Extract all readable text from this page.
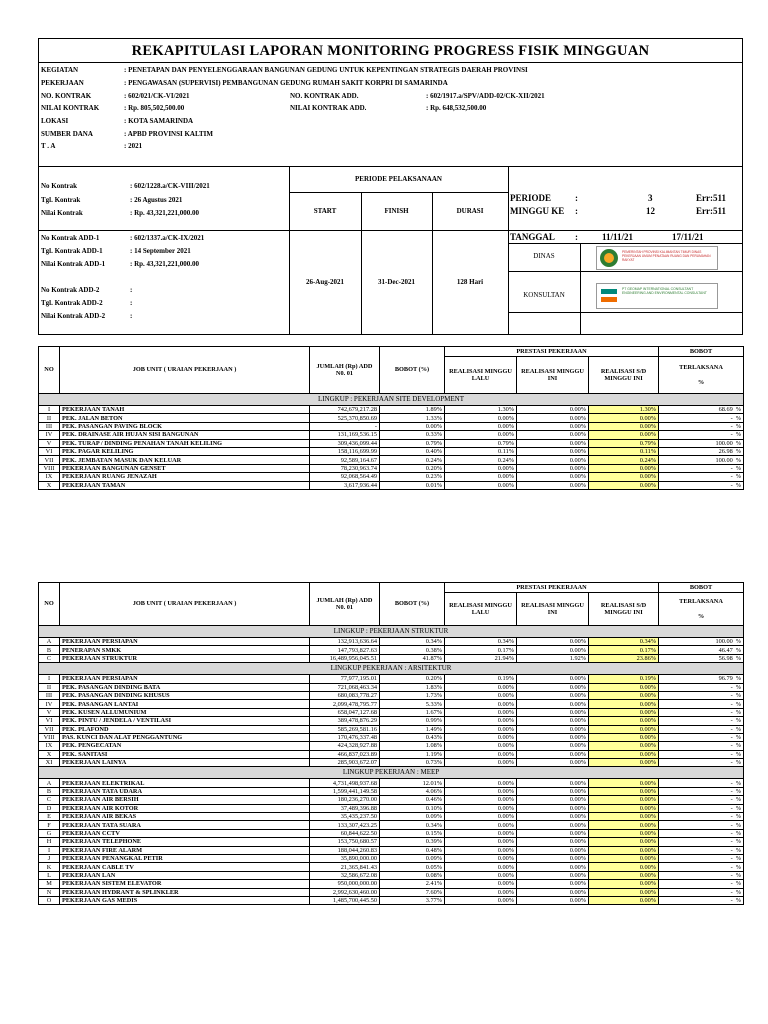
REKAPITULASI LAPORAN MONITORING PROGRESS FISIK MINGGUAN
KEGIATAN	: PENETAPAN DAN PENYELENGGARAAN BANGUNAN GEDUNG UNTUK KEPENTINGAN STRATEGIS DAERAH PROVINSI
PEKERJAAN	: PENGAWASAN (SUPERVISI) PEMBANGUNAN GEDUNG RUMAH SAKIT KORPRI DI SAMARINDA
NO. KONTRAK	: 602/021/CK-VI/2021	NO. KONTRAK ADD.	: 602/1917.a/SPV/ADD-02/CK-XII/2021
NILAI KONTRAK	: Rp. 805,502,500.00	NILAI KONTRAK ADD.	: Rp. 648,532,500.00
LOKASI	: KOTA SAMARINDA
SUMBER DANA	: APBD PROVINSI KALTIM
T . A	: 2021
No Kontrak	: 602/1228.a/CK-VIII/2021
Tgl. Kontrak	: 26 Agustus 2021
Nilai Kontrak	: Rp. 43,321,221,000.00
No Kontrak ADD-1	: 602/1337.a/CK-IX/2021
Tgl. Kontrak ADD-1	: 14 September 2021
Nilai Kontrak ADD-1	: Rp. 43,321,221,000.00
No Kontrak ADD-2	:
Tgl. Kontrak ADD-2	:
Nilai Kontrak ADD-2	:
PERIODE PELAKSANAAN
START	FINISH	DURASI
26-Aug-2021	31-Dec-2021	128 Hari
PERIODE	:	3	Err:511
MINGGU KE :	12	Err:511
TANGGAL :	11/11/21	17/11/21
DINAS
KONSULTAN
PEMERINTAH PROVINSI KALIMANTAN TIMUR DINAS PEKERJAAN UMUM PENATAAN RUANG DAN PERUMAHAN RAKYAT
PT GEOMAP INTERNATIONAL CONSULTANT ENGINEERING AND ENVIRONMENTAL CONSULTANT
NO	JOB UNIT ( URAIAN PEKERJAAN )	JUMLAH (Rp) ADD N0. 01	BOBOT (%)	PRESTASI PEKERJAAN			BOBOT
				REALISASI MINGGU LALU	REALISASI MINGGU INI	REALISASI S/D MINGGU INI	TERLAKSANA
%

LINGKUP : PEKERJAAN SITE DEVELOPMENT							
I	PEKERJAAN TANAH	742,679,217.28	1.89%	1.30%	0.00%	1.30%	68.69 %
II	PEK. JALAN BETON	525,370,850.69	1.33%	0.00%	0.00%	0.00%	- %
III	PEK. PASANGAN PAVING BLOCK	-	0.00%	0.00%	0.00%	0.00%	- %
IV	PEK. DRAINASE AIR HUJAN SISI BANGUNAN	131,169,536.15	0.33%	0.00%	0.00%	0.00%	- %
V	PEK. TURAP / DINDING PENAHAN TANAH KELILING	309,436,099.44	0.79%	0.79%	0.00%	0.79%	100.00 %
VI	PEK. PAGAR KELILING	158,116,699.99	0.40%	0.11%	0.00%	0.11%	26.98 %
VII	PEK. JEMBATAN MASUK DAN KELUAR	92,589,164.67	0.24%	0.24%	0.00%	0.24%	100.00 %
VIII	PEKERJAAN BANGUNAN GENSET	78,230,963.74	0.20%	0.00%	0.00%	0.00%	- %
IX	PEKERJAAN RUANG JENAZAH	92,068,564.49	0.23%	0.00%	0.00%	0.00%	- %
X	PEKERJAAN TAMAN	3,617,936.44	0.01%	0.00%	0.00%	0.00%	- %
NO	JOB UNIT ( URAIAN PEKERJAAN )	JUMLAH (Rp) ADD N0. 01	BOBOT (%)	PRESTASI PEKERJAAN			BOBOT
				REALISASI MINGGU LALU	REALISASI MINGGU INI	REALISASI S/D MINGGU INI	TERLAKSANA
%

LINGKUP : PEKERJAAN STRUKTUR							
A	PEKERJAAN PERSIAPAN	132,913,636.64	0.34%	0.34%	0.00%	0.34%	100.00 %
B	PENERAPAN SMKK	147,793,827.63	0.38%	0.17%	0.00%	0.17%	46.47 %
C	PEKERJAAN STRUKTUR	16,489,956,045.51	41.87%	21.94%	1.92%	23.86%	56.98 %
LINGKUP PEKERJAAN : ARSITEKTUR							
I	PEKERJAAN PERSIAPAN	77,977,195.01	0.20%	0.19%	0.00%	0.19%	96.79 %
II	PEK. PASANGAN DINDING BATA	721,068,463.34	1.83%	0.00%	0.00%	0.00%	- %
III	PEK. PASANGAN DINDING KHUSUS	680,083,778.27	1.73%	0.00%	0.00%	0.00%	- %
IV	PEK. PASANGAN LANTAI	2,099,478,795.77	5.33%	0.00%	0.00%	0.00%	- %
V	PEK. KUSEN ALLUMUNIUM	658,047,127.68	1.67%	0.00%	0.00%	0.00%	- %
VI	PEK. PINTU / JENDELA / VENTILASI	389,478,876.29	0.99%	0.00%	0.00%	0.00%	- %
VII	PEK. PLAFOND	585,269,581.16	1.49%	0.00%	0.00%	0.00%	- %
VIII	PAS. KUNCI DAN ALAT PENGGANTUNG	170,476,337.48	0.43%	0.00%	0.00%	0.00%	- %
IX	PEK. PENGECATAN	424,328,927.88	1.08%	0.00%	0.00%	0.00%	- %
X	PEK. SANITASI	466,837,023.89	1.19%	0.00%	0.00%	0.00%	- %
XI	PEKERJAAN LAINYA	285,903,672.07	0.73%	0.00%	0.00%	0.00%	- %
LINGKUP PEKERJAAN : MEEP							
A	PEKERJAAN ELEKTRIKAL	4,731,498,937.68	12.01%	0.00%	0.00%	0.00%	- %
B	PEKERJAAN TATA UDARA	1,599,441,149.58	4.06%	0.00%	0.00%	0.00%	- %
C	PEKERJAAN AIR BERSIH	180,236,270.00	0.46%	0.00%	0.00%	0.00%	- %
D	PEKERJAAN AIR KOTOR	37,489,396.88	0.10%	0.00%	0.00%	0.00%	- %
E	PEKERJAAN AIR BEKAS	35,435,237.50	0.09%	0.00%	0.00%	0.00%	- %
F	PEKERJAAN TATA SUARA	133,307,423.25	0.34%	0.00%	0.00%	0.00%	- %
G	PEKERJAAN CCTV	60,844,622.50	0.15%	0.00%	0.00%	0.00%	- %
H	PEKERJAAN TELEPHONE	153,750,680.57	0.39%	0.00%	0.00%	0.00%	- %
I	PEKERJAAN FIRE ALARM	188,044,260.83	0.48%	0.00%	0.00%	0.00%	- %
J	PEKERJAAN PENANGKAL PETIR	35,890,000.00	0.09%	0.00%	0.00%	0.00%	- %
K	PEKERJAAN CABLE TV	21,365,841.43	0.05%	0.00%	0.00%	0.00%	- %
L	PEKERJAAN LAN	32,586,672.08	0.08%	0.00%	0.00%	0.00%	- %
M	PEKERJAAN SISTEM ELEVATOR	950,000,000.00	2.41%	0.00%	0.00%	0.00%	- %
N	PEKERJAAN HYDRANT & SPLINKLER	2,992,630,460.00	7.60%	0.00%	0.00%	0.00%	- %
O	PEKERJAAN GAS MEDIS	1,485,700,445.50	3.77%	0.00%	0.00%	0.00%	- %
